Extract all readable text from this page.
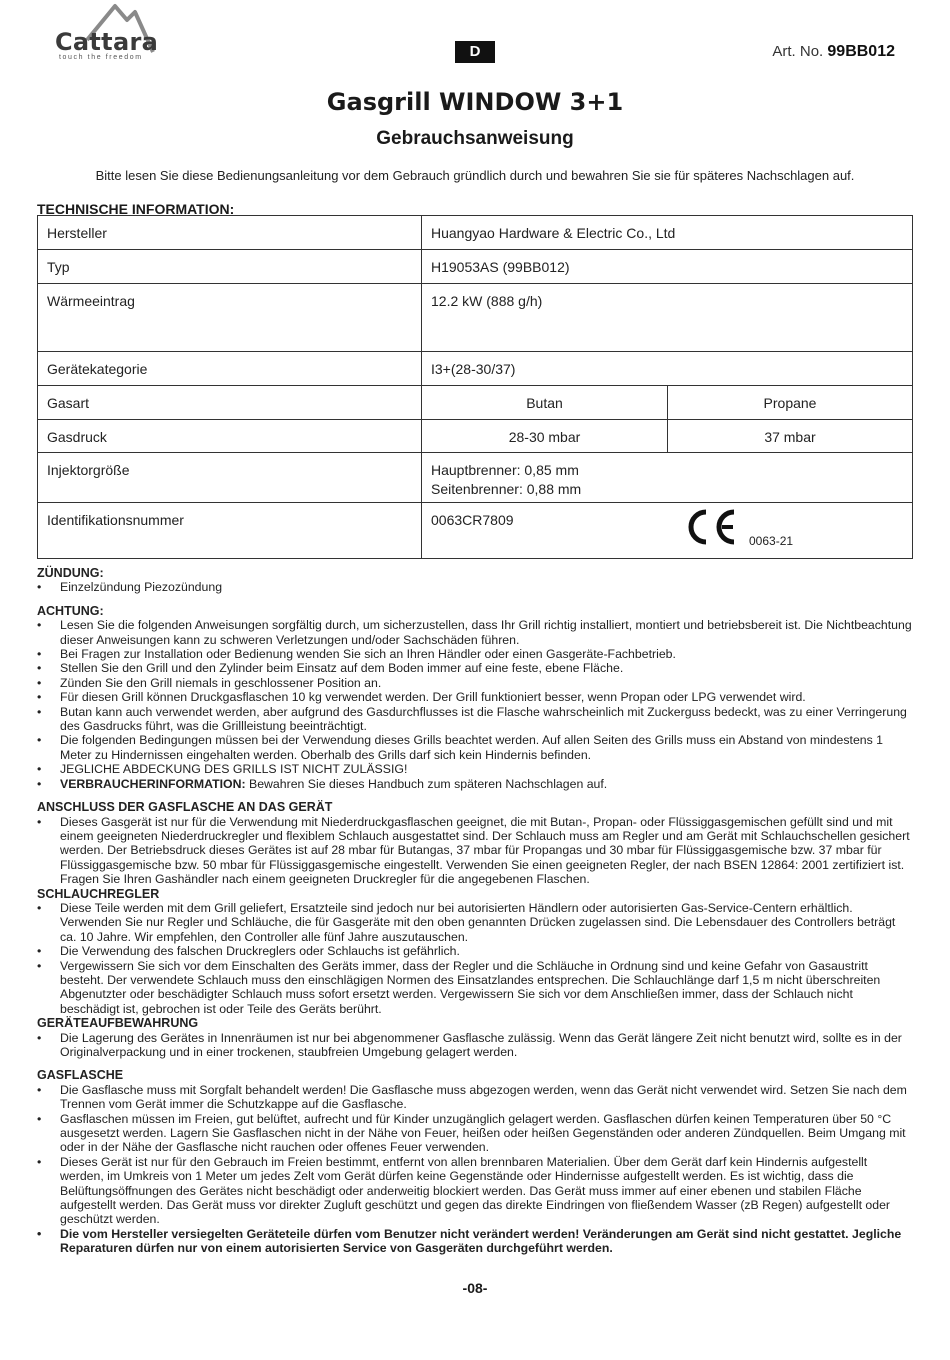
Cattara
touch the freedom	D	Art. No. 99BB012
Gasgrill WINDOW 3+1
Gebrauchsanweisung
Bitte lesen Sie diese Bedienungsanleitung vor dem Gebrauch gründlich durch und bewahren Sie sie für späteres Nachschlagen auf.
TECHNISCHE INFORMATION:
Hersteller	Huangyao Hardware & Electric Co., Ltd	
Typ	H19053AS (99BB012)	
Wärmeeintrag	12.2 kW (888 g/h)	
Gerätekategorie	I3+(28-30/37)	
Gasart	Butan	Propane
Gasdruck	28-30 mbar	37 mbar
Injektorgröße	Hauptbrenner: 0,85 mm
Seitenbrenner: 0,88 mm	

Identifikationsnummer	0063CR7809
0063-21	
ZÜNDUNG:
• Einzelzündung Piezozündung
ACHTUNG:
• Lesen Sie die folgenden Anweisungen sorgfältig durch, um sicherzustellen, dass Ihr Grill richtig installiert, montiert und betriebsbereit ist. Die Nichtbeachtung dieser Anweisungen kann zu schweren Verletzungen und/oder Sachschäden führen.
• Bei Fragen zur Installation oder Bedienung wenden Sie sich an Ihren Händler oder einen Gasgeräte-Fachbetrieb.
• Stellen Sie den Grill und den Zylinder beim Einsatz auf dem Boden immer auf eine feste, ebene Fläche.
• Zünden Sie den Grill niemals in geschlossener Position an.
• Für diesen Grill können Druckgasflaschen 10 kg verwendet werden. Der Grill funktioniert besser, wenn Propan oder LPG verwendet wird.
• Butan kann auch verwendet werden, aber aufgrund des Gasdurchflusses ist die Flasche wahrscheinlich mit Zuckerguss bedeckt, was zu einer Verringerung des Gasdrucks führt, was die Grillleistung beeinträchtigt.
• Die folgenden Bedingungen müssen bei der Verwendung dieses Grills beachtet werden. Auf allen Seiten des Grills muss ein Abstand von mindestens 1 Meter zu Hindernissen eingehalten werden. Oberhalb des Grills darf sich kein Hindernis befinden.
• JEGLICHE ABDECKUNG DES GRILLS IST NICHT ZULÄSSIG!
• VERBRAUCHERINFORMATION: Bewahren Sie dieses Handbuch zum späteren Nachschlagen auf.
ANSCHLUSS DER GASFLASCHE AN DAS GERÄT
• Dieses Gasgerät ist nur für die Verwendung mit Niederdruckgasflaschen geeignet, die mit Butan-, Propan- oder Flüssiggasgemischen gefüllt sind und mit einem geeigneten Niederdruckregler und flexiblem Schlauch ausgestattet sind. Der Schlauch muss am Regler und am Gerät mit Schlauchschellen gesichert werden. Der Betriebsdruck dieses Gerätes ist auf 28 mbar für Butangas, 37 mbar für Propangas und 30 mbar für Flüssiggasgemische bzw. 37 mbar für Flüssiggasgemische bzw. 50 mbar für Flüssiggasgemische eingestellt. Verwenden Sie einen geeigneten Regler, der nach BSEN 12864: 2001 zertifiziert ist. Fragen Sie Ihren Gashändler nach einem geeigneten Druckregler für die angegebenen Flaschen.
SCHLAUCHREGLER
• Diese Teile werden mit dem Grill geliefert, Ersatzteile sind jedoch nur bei autorisierten Händlern oder autorisierten Gas-Service-Centern erhältlich. Verwenden Sie nur Regler und Schläuche, die für Gasgeräte mit den oben genannten Drücken zugelassen sind. Die Lebensdauer des Controllers beträgt ca. 10 Jahre. Wir empfehlen, den Controller alle fünf Jahre auszutauschen.
• Die Verwendung des falschen Druckreglers oder Schlauchs ist gefährlich.
• Vergewissern Sie sich vor dem Einschalten des Geräts immer, dass der Regler und die Schläuche in Ordnung sind und keine Gefahr von Gasaustritt besteht. Der verwendete Schlauch muss den einschlägigen Normen des Einsatzlandes entsprechen. Die Schlauchlänge darf 1,5 m nicht überschreiten Abgenutzter oder beschädigter Schlauch muss sofort ersetzt werden. Vergewissern Sie sich vor dem Anschließen immer, dass der Schlauch nicht beschädigt ist, gebrochen ist oder Teile des Geräts berührt.
GERÄTEAUFBEWAHRUNG
• Die Lagerung des Gerätes in Innenräumen ist nur bei abgenommener Gasflasche zulässig. Wenn das Gerät längere Zeit nicht benutzt wird, sollte es in der Originalverpackung und in einer trockenen, staubfreien Umgebung gelagert werden.
GASFLASCHE
• Die Gasflasche muss mit Sorgfalt behandelt werden! Die Gasflasche muss abgezogen werden, wenn das Gerät nicht verwendet wird. Setzen Sie nach dem Trennen vom Gerät immer die Schutzkappe auf die Gasflasche.
• Gasflaschen müssen im Freien, gut belüftet, aufrecht und für Kinder unzugänglich gelagert werden. Gasflaschen dürfen keinen Temperaturen über 50 °C ausgesetzt werden. Lagern Sie Gasflaschen nicht in der Nähe von Feuer, heißen oder heißen Gegenständen oder anderen Zündquellen. Beim Umgang mit oder in der Nähe der Gasflasche nicht rauchen oder offenes Feuer verwenden.
• Dieses Gerät ist nur für den Gebrauch im Freien bestimmt, entfernt von allen brennbaren Materialien. Über dem Gerät darf kein Hindernis aufgestellt werden, im Umkreis von 1 Meter um jedes Zelt vom Gerät dürfen keine Gegenstände oder Hindernisse aufgestellt werden. Es ist wichtig, dass die Belüftungsöffnungen des Gerätes nicht beschädigt oder anderweitig blockiert werden. Das Gerät muss immer auf einer ebenen und stabilen Fläche aufgestellt werden. Das Gerät muss vor direkter Zugluft geschützt und gegen das direkte Eindringen von fließendem Wasser (zB Regen) aufgestellt oder geschützt werden.
• Die vom Hersteller versiegelten Geräteteile dürfen vom Benutzer nicht verändert werden! Veränderungen am Gerät sind nicht gestattet. Jegliche Reparaturen dürfen nur von einem autorisierten Service von Gasgeräten durchgeführt werden.
-08-
